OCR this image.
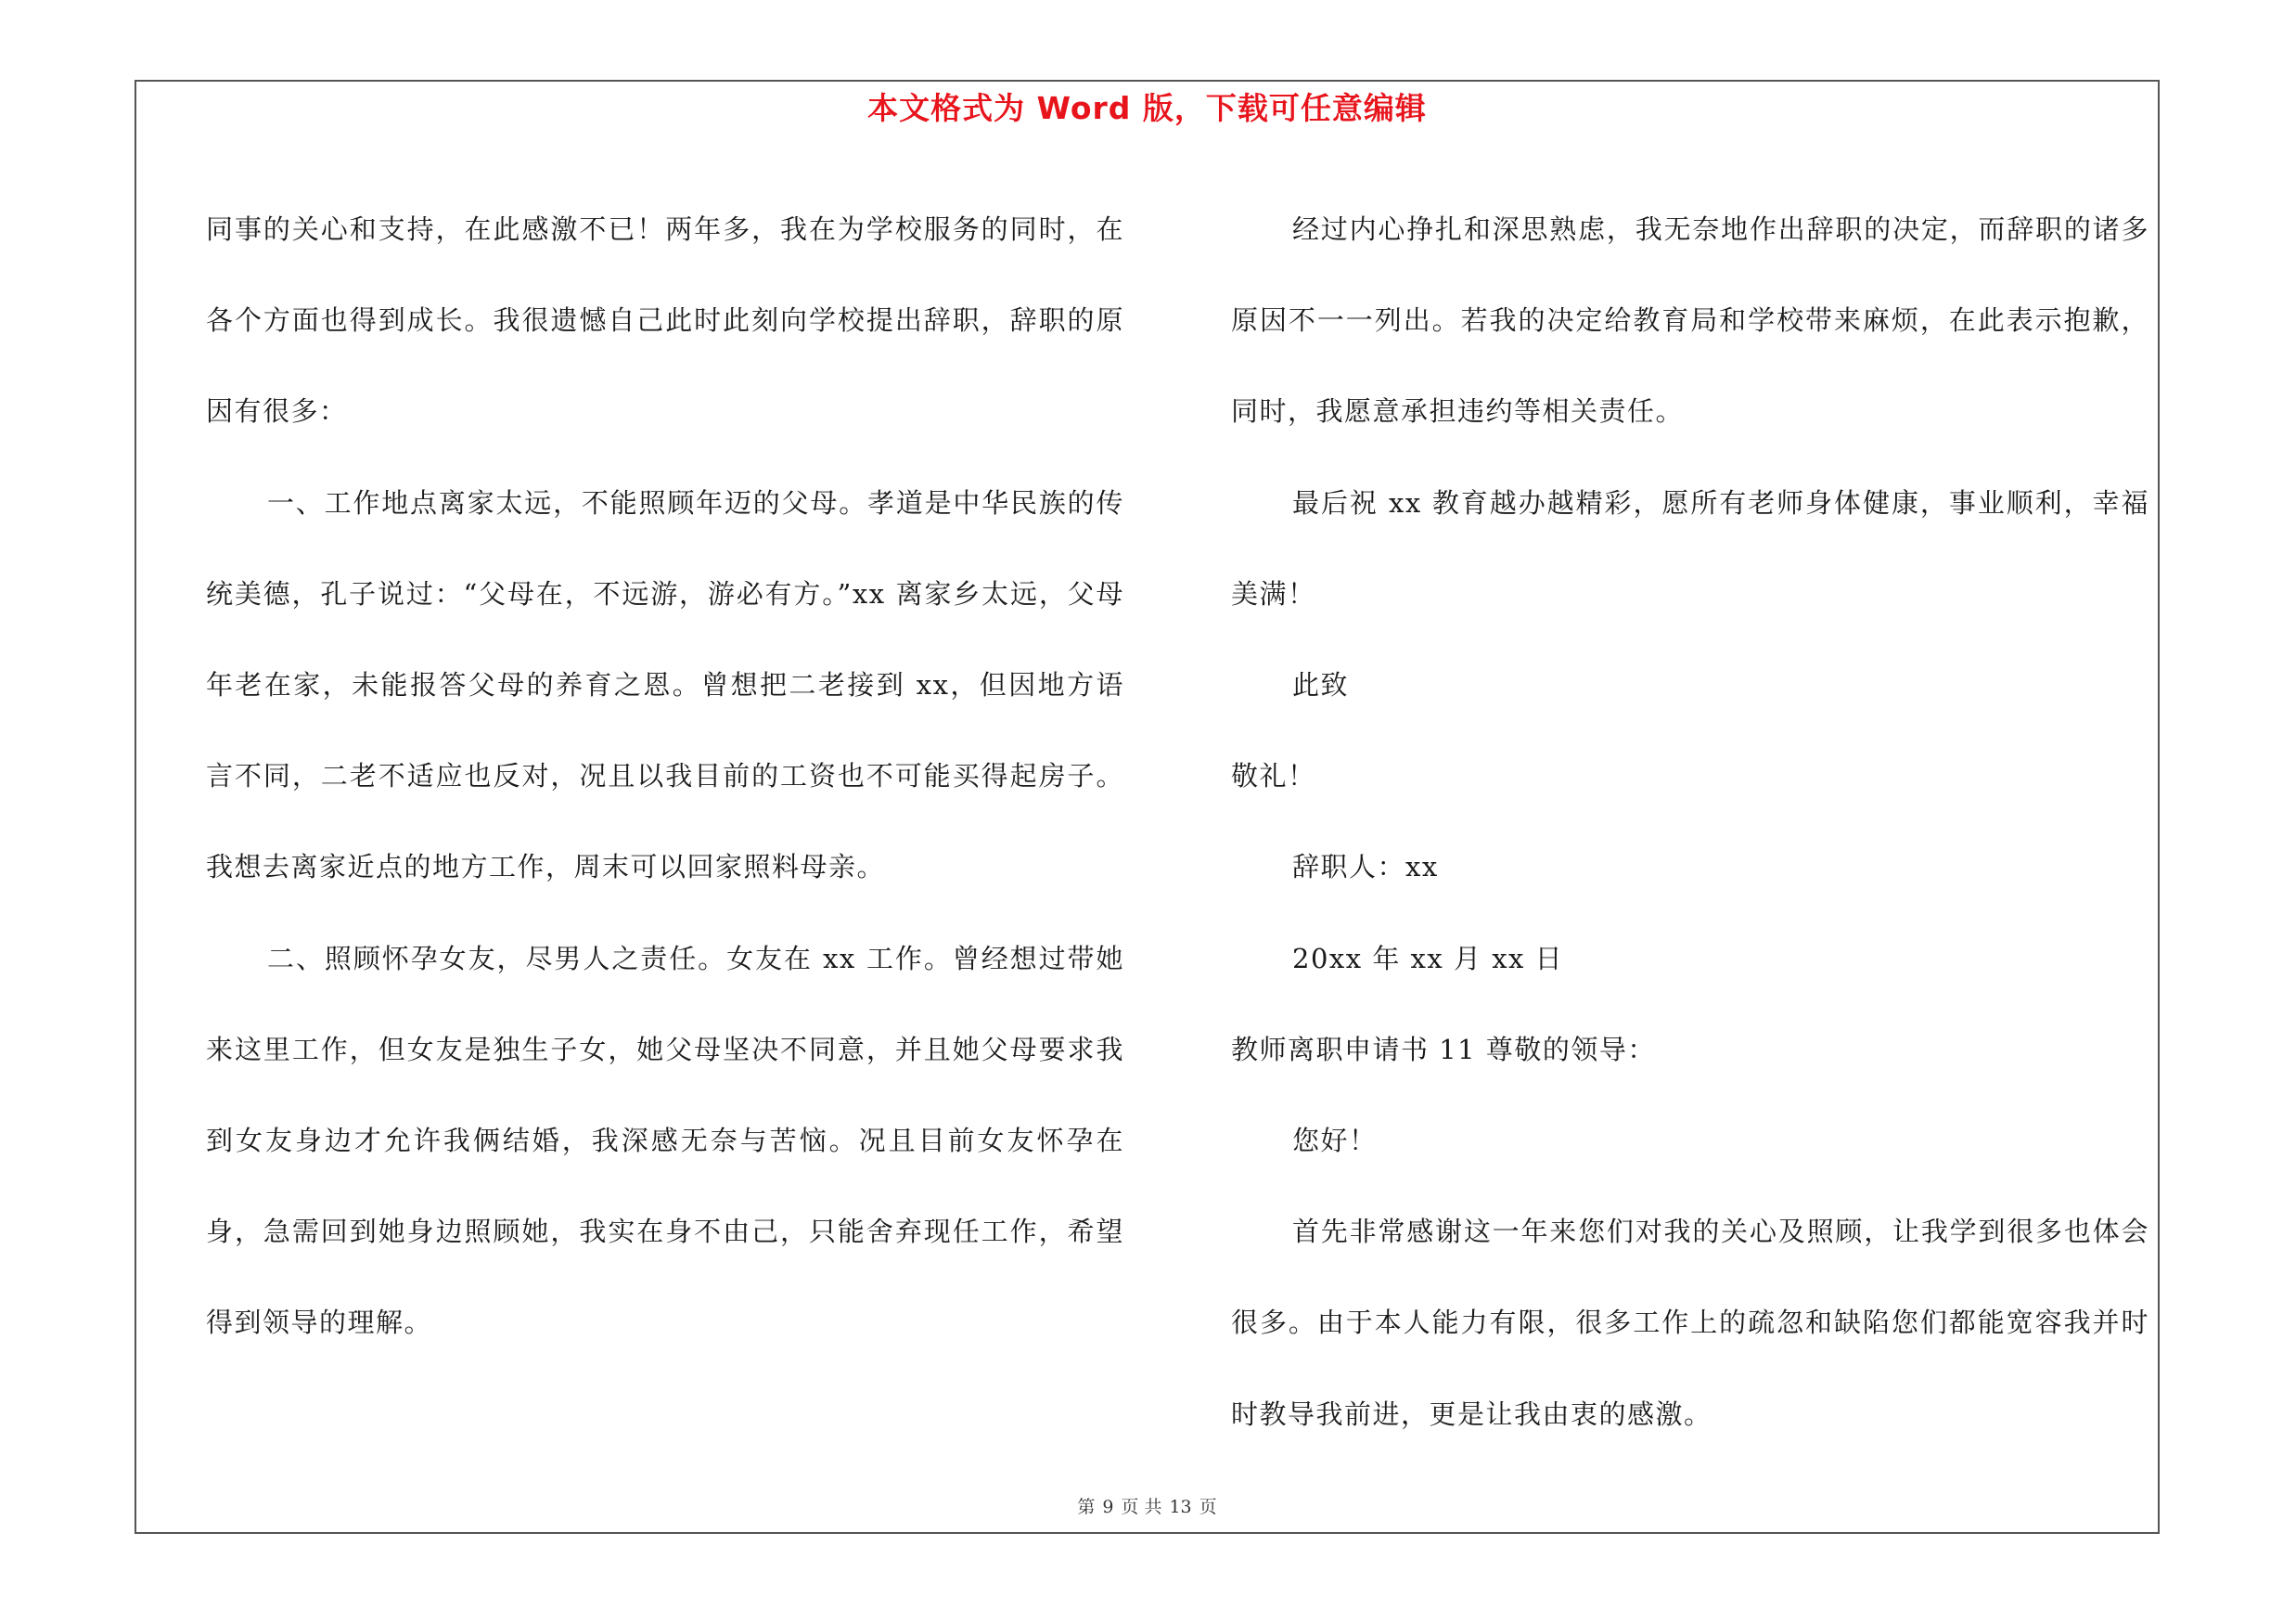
本文格式为 Word 版，下载可任意编辑

同事的关心和支持，在此感激不已！两年多，我在为学校服务的同时，在各个方面也得到成长。我很遗憾自己此时此刻向学校提出辞职，辞职的原因有很多：

一、工作地点离家太远，不能照顾年迈的父母。孝道是中华民族的传统美德，孔子说过：“父母在，不远游，游必有方。”xx 离家乡太远，父母年老在家，未能报答父母的养育之恩。曾想把二老接到 xx，但因地方语言不同，二老不适应也反对，况且以我目前的工资也不可能买得起房子。我想去离家近点的地方工作，周末可以回家照料母亲。

二、照顾怀孕女友，尽男人之责任。女友在 xx 工作。曾经想过带她来这里工作，但女友是独生子女，她父母坚决不同意，并且她父母要求我到女友身边才允许我俩结婚，我深感无奈与苦恼。况且目前女友怀孕在身，急需回到她身边照顾她，我实在身不由己，只能舍弃现任工作，希望得到领导的理解。

经过内心挣扎和深思熟虑，我无奈地作出辞职的决定，而辞职的诸多原因不一一列出。若我的决定给教育局和学校带来麻烦，在此表示抱歉，同时，我愿意承担违约等相关责任。

最后祝 xx 教育越办越精彩，愿所有老师身体健康，事业顺利，幸福美满！

此致

敬礼！

辞职人：xx

20xx 年 xx 月 xx 日

教师离职申请书 11 尊敬的领导：

您好！

首先非常感谢这一年来您们对我的关心及照顾，让我学到很多也体会很多。由于本人能力有限，很多工作上的疏忽和缺陷您们都能宽容我并时时教导我前进，更是让我由衷的感激。

第 9 页 共 13 页
